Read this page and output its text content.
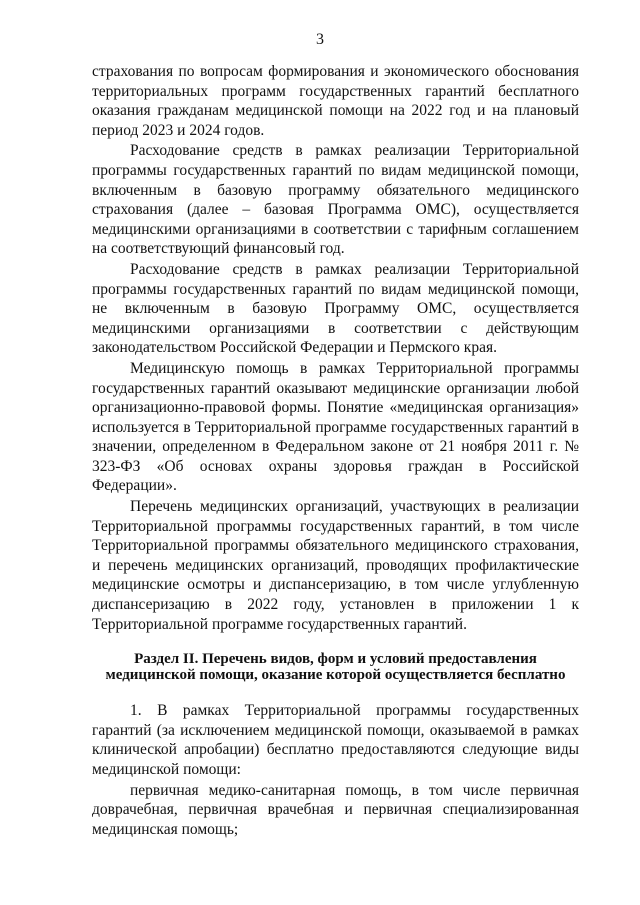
3

страхования по вопросам формирования и экономического обоснования территориальных программ государственных гарантий бесплатного оказания гражданам медицинской помощи на 2022 год и на плановый период 2023 и 2024 годов.

Расходование средств в рамках реализации Территориальной программы государственных гарантий по видам медицинской помощи, включенным в базовую программу обязательного медицинского страхования (далее – базовая Программа ОМС), осуществляется медицинскими организациями в соответствии с тарифным соглашением на соответствующий финансовый год.

Расходование средств в рамках реализации Территориальной программы государственных гарантий по видам медицинской помощи, не включенным в базовую Программу ОМС, осуществляется медицинскими организациями в соответствии с действующим законодательством Российской Федерации и Пермского края.

Медицинскую помощь в рамках Территориальной программы государственных гарантий оказывают медицинские организации любой организационно-правовой формы. Понятие «медицинская организация» используется в Территориальной программе государственных гарантий в значении, определенном в Федеральном законе от 21 ноября 2011 г. № 323-ФЗ «Об основах охраны здоровья граждан в Российской Федерации».

Перечень медицинских организаций, участвующих в реализации Территориальной программы государственных гарантий, в том числе Территориальной программы обязательного медицинского страхования, и перечень медицинских организаций, проводящих профилактические медицинские осмотры и диспансеризацию, в том числе углубленную диспансеризацию в 2022 году, установлен в приложении 1 к Территориальной программе государственных гарантий.

Раздел II. Перечень видов, форм и условий предоставления
медицинской помощи, оказание которой осуществляется бесплатно

1. В рамках Территориальной программы государственных гарантий (за исключением медицинской помощи, оказываемой в рамках клинической апробации) бесплатно предоставляются следующие виды медицинской помощи:

первичная медико-санитарная помощь, в том числе первичная доврачебная, первичная врачебная и первичная специализированная медицинская помощь;
